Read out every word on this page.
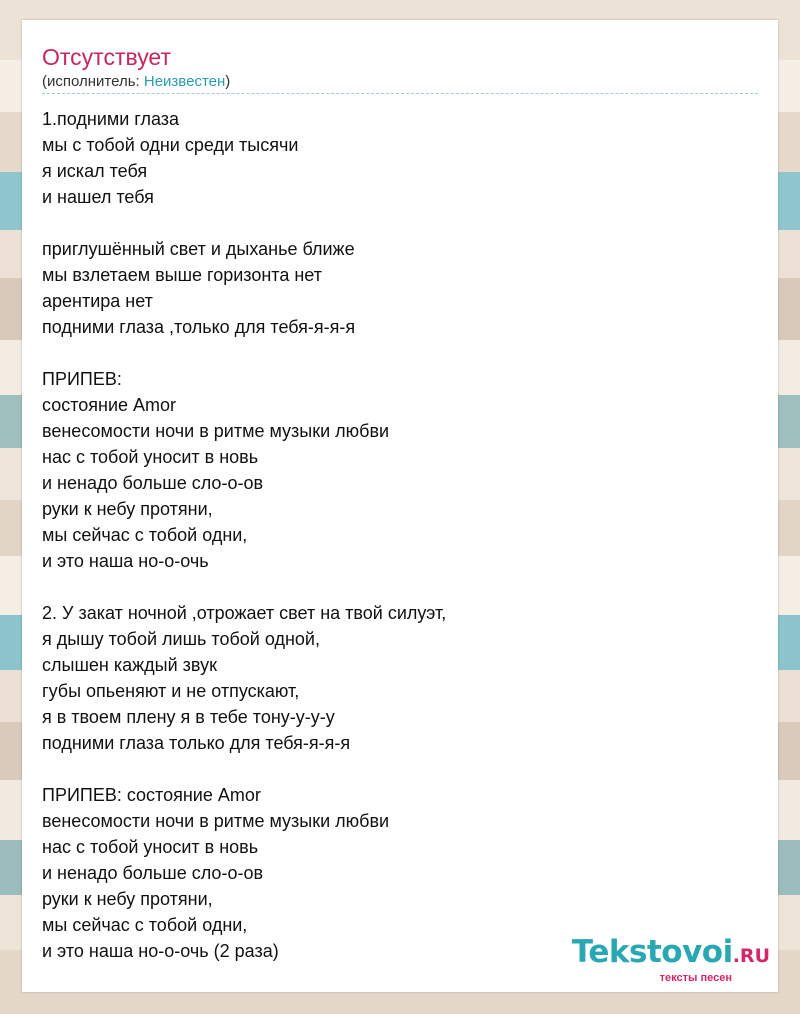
Отсутствует
(исполнитель: Неизвестен)
1.подними глаза
мы с тобой одни среди тысячи
я искал тебя
и нашел тебя
приглушённый свет и дыханье ближе
мы взлетаем выше горизонта нет
арентира нет
подними глаза ,только для тебя-я-я-я
ПРИПЕВ:
состояние Amor
венесомости ночи в ритме музыки любви
нас с тобой уносит в новь
и ненадо больше сло-о-ов
руки к небу протяни,
мы сейчас с тобой одни,
и это наша но-о-очь
2. У закат ночной ,отрожает свет на твой силуэт,
я дышу тобой лишь тобой одной,
слышен каждый звук
губы опьеняют и не отпускают,
я в твоем плену я в тебе тону-у-у-у
подними глаза только для тебя-я-я-я
ПРИПЕВ: состояние Amor
венесомости ночи в ритме музыки любви
нас с тобой уносит в новь
и ненадо больше сло-о-ов
руки к небу протяни,
мы сейчас с тобой одни,
и это наша но-о-очь (2 раза)	Tekstovoi.RU
тексты песен
